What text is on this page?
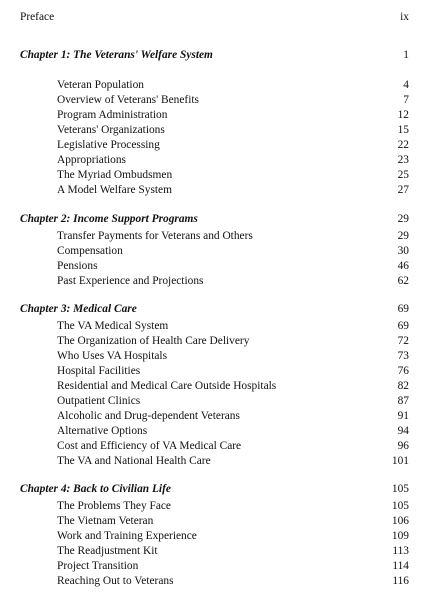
Preface	ix
Chapter 1: The Veterans' Welfare System	1
Veteran Population	4
Overview of Veterans' Benefits	7
Program Administration	12
Veterans' Organizations	15
Legislative Processing	22
Appropriations	23
The Myriad Ombudsmen	25
A Model Welfare System	27
Chapter 2: Income Support Programs	29
Transfer Payments for Veterans and Others	29
Compensation	30
Pensions	46
Past Experience and Projections	62
Chapter 3: Medical Care	69
The VA Medical System	69
The Organization of Health Care Delivery	72
Who Uses VA Hospitals	73
Hospital Facilities	76
Residential and Medical Care Outside Hospitals	82
Outpatient Clinics	87
Alcoholic and Drug-dependent Veterans	91
Alternative Options	94
Cost and Efficiency of VA Medical Care	96
The VA and National Health Care	101
Chapter 4: Back to Civilian Life	105
The Problems They Face	105
The Vietnam Veteran	106
Work and Training Experience	109
The Readjustment Kit	113
Project Transition	114
Reaching Out to Veterans	116
